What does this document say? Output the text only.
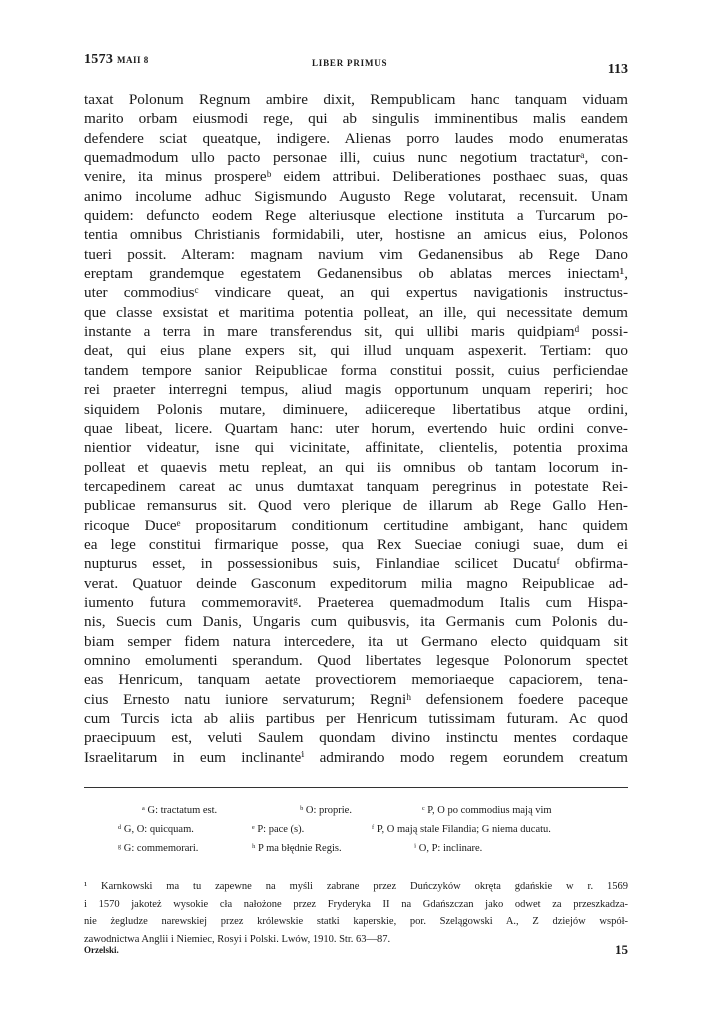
1573 MAII 8	LIBER PRIMUS	113
taxat Polonum Regnum ambire dixit, Rempublicam hanc tanquam viduam
marito orbam eiusmodi rege, qui ab singulis imminentibus malis eandem
defendere sciat queatque, indigere. Alienas porro laudes modo enumeratas
quemadmodum ullo pacto personae illi, cuius nunc negotium tractaturᵃ, con-
venire, ita minus prospereᵇ eidem attribui. Deliberationes posthaec suas, quas
animo incolume adhuc Sigismundo Augusto Rege volutarat, recensuit. Unam
quidem: defuncto eodem Rege alteriusque electione instituta a Turcarum po-
tentia omnibus Christianis formidabili, uter, hostisne an amicus eius, Polonos
tueri possit. Alteram: magnam navium vim Gedanensibus ab Rege Dano
ereptam grandemque egestatem Gedanensibus ob ablatas merces iniectam¹,
uter commodiusᶜ vindicare queat, an qui expertus navigationis instructus-
que classe exsistat et maritima potentia polleat, an ille, qui necessitate demum
instante a terra in mare transferendus sit, qui ullibi maris quidpiamᵈ possi-
deat, qui eius plane expers sit, qui illud unquam aspexerit. Tertiam: quo
tandem tempore sanior Reipublicae forma constitui possit, cuius perficiendae
rei praeter interregni tempus, aliud magis opportunum unquam reperiri; hoc
siquidem Polonis mutare, diminuere, adiicereque libertatibus atque ordini,
quae libeat, licere. Quartam hanc: uter horum, evertendo huic ordini conve-
nientior videatur, isne qui vicinitate, affinitate, clientelis, potentia proxima
polleat et quaevis metu repleat, an qui iis omnibus ob tantam locorum in-
tercapedinem careat ac unus dumtaxat tanquam peregrinus in potestate Rei-
publicae remansurus sit. Quod vero plerique de illarum ab Rege Gallo Hen-
ricoque Duceᵉ propositarum conditionum certitudine ambigant, hanc quidem
ea lege constitui firmarique posse, qua Rex Sueciae coniugi suae, dum ei
nupturus esset, in possessionibus suis, Finlandiae scilicet Ducatuᶠ obfirma-
verat. Quatuor deinde Gasconum expeditorum milia magno Reipublicae ad-
iumento futura commemoravitᵍ. Praeterea quemadmodum Italis cum Hispa-
nis, Suecis cum Danis, Ungaris cum quibusvis, ita Germanis cum Polonis du-
biam semper fidem natura intercedere, ita ut Germano electo quidquam sit
omnino emolumenti sperandum. Quod libertates legesque Polonorum spectet
eas Henricum, tanquam aetate provectiorem memoriaeque capaciorem, tena-
cius Ernesto natu iuniore servaturum; Regniʰ defensionem foedere paceque
cum Turcis icta ab aliis partibus per Henricum tutissimam futuram. Ac quod
praecipuum est, veluti Saulem quondam divino instinctu mentes cordaque
Israelitarum in eum inclinanteⁱ admirando modo regem eorundem creatum
ᵃ G: tractatum est.	ᵇ O: proprie.	ᶜ P, O po commodius mają vim
ᵈ G, O: quicquam.	ᵉ P: pace (s).	ᶠ P, O mają stale Filandia; G niema ducatu.
ᵍ G: commemorari.	ʰ P ma błędnie Regis.	ⁱ O, P: inclinare.
¹ Karnkowski ma tu zapewne na myśli zabrane przez Duńczyków okręta gdańskie w r. 1569
i 1570 jakoteż wysokie cła nałożone przez Fryderyka II na Gdańszczan jako odwet za przeszkadza-
nie żegludze narewskiej przez królewskie statki kaperskie, por. Szelągowski A., Z dziejów współ-
zawodnictwa Anglii i Niemiec, Rosyi i Polski. Lwów, 1910. Str. 63—87.
Orzelski.	15
